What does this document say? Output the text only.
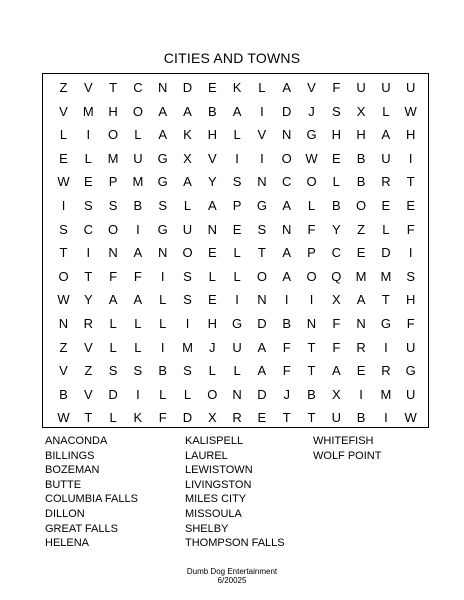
CITIES AND TOWNS
Z	V	T	C	N	D	E	K	L	A	V	F	U	U	U
V	M	H	O	A	A	B	A	I	D	J	S	X	L	W
L	I	O	L	A	K	H	L	V	N	G	H	H	A	H
E	L	M	U	G	X	V	I	I	O	W	E	B	U	I
W	E	P	M	G	A	Y	S	N	C	O	L	B	R	T
I	S	S	B	S	L	A	P	G	A	L	B	O	E	E
S	C	O	I	G	U	N	E	S	N	F	Y	Z	L	F
T	I	N	A	N	O	E	L	T	A	P	C	E	D	I
O	T	F	F	I	S	L	L	O	A	O	Q	M	M	S
W	Y	A	A	L	S	E	I	N	I	I	X	A	T	H
N	R	L	L	L	I	H	G	D	B	N	F	N	G	F
Z	V	L	L	I	M	J	U	A	F	T	F	R	I	U
V	Z	S	S	B	S	L	L	A	F	T	A	E	R	G
B	V	D	I	L	L	O	N	D	J	B	X	I	M	U
W	T	L	K	F	D	X	R	E	T	T	U	B	I	W
ANACONDA
BILLINGS
BOZEMAN
BUTTE
COLUMBIA FALLS
DILLON
GREAT FALLS
HELENA
KALISPELL
LAUREL
LEWISTOWN
LIVINGSTON
MILES CITY
MISSOULA
SHELBY
THOMPSON FALLS
WHITEFISH
WOLF POINT
Dumb Dog Entertainment
6/20025
